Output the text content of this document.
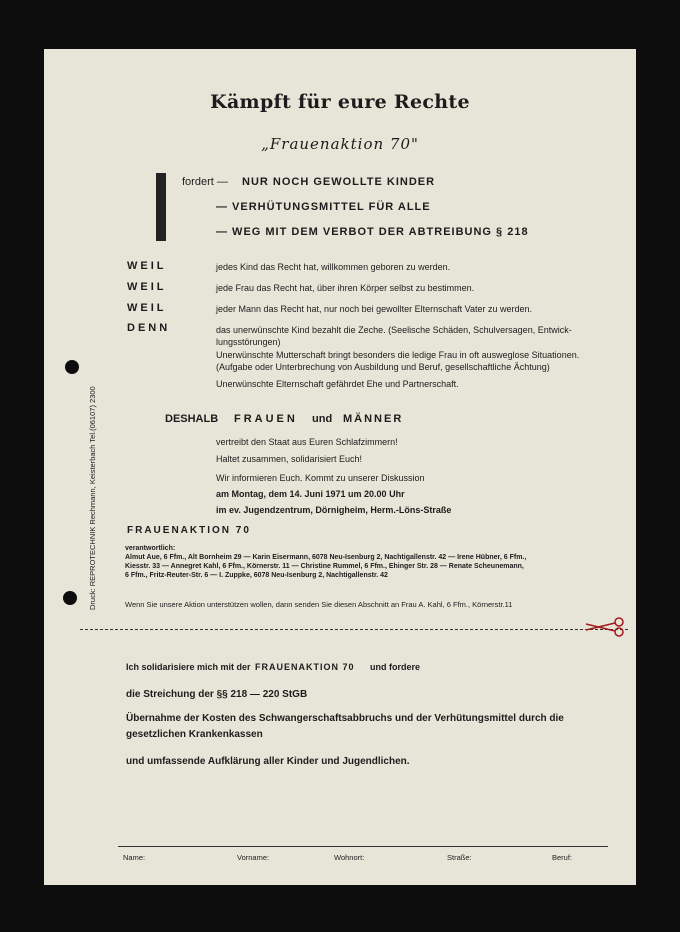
Kämpft für eure Rechte
„Frauenaktion 70"
fordert — NUR NOCH GEWOLLTE KINDER
— VERHÜTUNGSMITTEL FÜR ALLE
— WEG MIT DEM VERBOT DER ABTREIBUNG § 218
WEIL	jedes Kind das Recht hat, willkommen geboren zu werden.
WEIL	jede Frau das Recht hat, über ihren Körper selbst zu bestimmen.
WEIL	jeder Mann das Recht hat, nur noch bei gewollter Elternschaft Vater zu werden.
DENN	das unerwünschte Kind bezahlt die Zeche. (Seelische Schäden, Schulversagen, Entwick-
lungsstörungen)
Unerwünschte Mutterschaft bringt besonders die ledige Frau in oft ausweglose Situationen.
(Aufgabe oder Unterbrechung von Ausbildung und Beruf, gesellschaftliche Ächtung)
Unerwünschte Elternschaft gefährdet Ehe und Partnerschaft.
DESHALB FRAUEN und MÄNNER
vertreibt den Staat aus Euren Schlafzimmern!
Haltet zusammen, solidarisiert Euch!
Wir informieren Euch. Kommt zu unserer Diskussion
am Montag, dem 14. Juni 1971 um 20.00 Uhr
im ev. Jugendzentrum, Dörnigheim, Herm.-Löns-Straße
FRAUENAKTION 70
verantwortlich:
Almut Aue, 6 Ffm., Alt Bornheim 29 — Karin Eisermann, 6078 Neu-Isenburg 2, Nachtigallenstr. 42 — Irene Hübner, 6 Ffm.,
Kiesstr. 33 — Annegret Kahl, 6 Ffm., Körnerstr. 11 — Christine Rummel, 6 Ffm., Ehinger Str. 28 — Renate Scheunemann,
6 Ffm., Fritz-Reuter-Str. 6 — I. Zuppke, 6078 Neu-Isenburg 2, Nachtigallenstr. 42
Wenn Sie unsere Aktion unterstützen wollen, dann senden Sie diesen Abschnitt an Frau A. Kahl, 6 Ffm., Körnerstr.11
Ich solidarisiere mich mit der FRAUENAKTION 70 und fordere
die Streichung der §§ 218 — 220 StGB
Übernahme der Kosten des Schwangerschaftsabbruchs und der Verhütungsmittel durch die
gesetzlichen Krankenkassen
und umfassende Aufklärung aller Kinder und Jugendlichen.
Name:	Vorname:	Wohnort:	Straße:	Beruf:
Druck: REPROTECHNIK Rechmann, Keisterbach Tel.(06107) 2300
